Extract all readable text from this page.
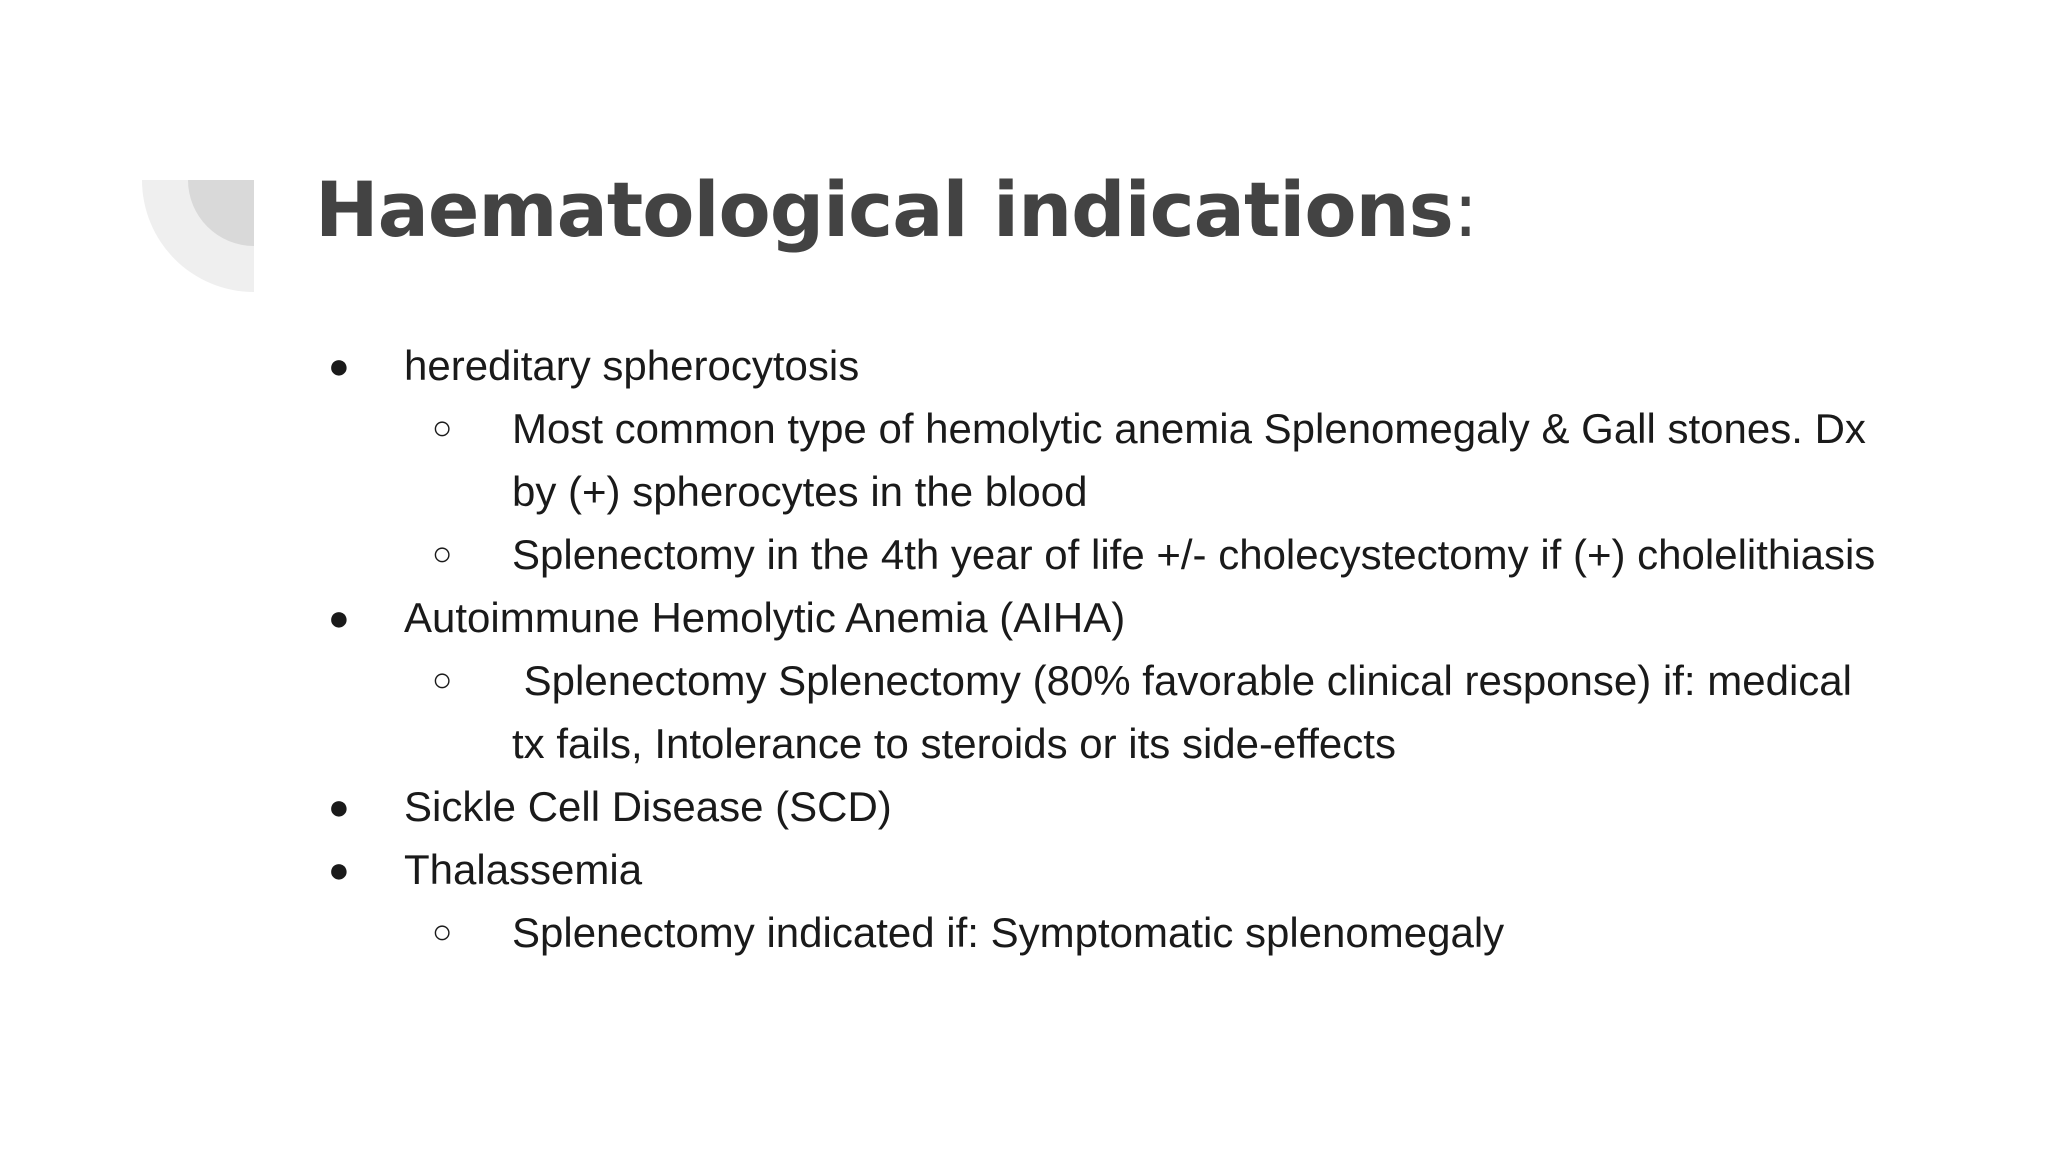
Haematological indications:
●	hereditary spherocytosis
○	Most common type of hemolytic anemia Splenomegaly & Gall stones. Dx by (+) spherocytes in the blood
○	Splenectomy in the 4th year of life +/- cholecystectomy if (+) cholelithiasis
●	Autoimmune Hemolytic Anemia (AIHA)
○	Splenectomy Splenectomy (80% favorable clinical response) if: medical tx fails, Intolerance to steroids or its side-effects
●	Sickle Cell Disease (SCD)
●	Thalassemia
○	Splenectomy indicated if: Symptomatic splenomegaly
